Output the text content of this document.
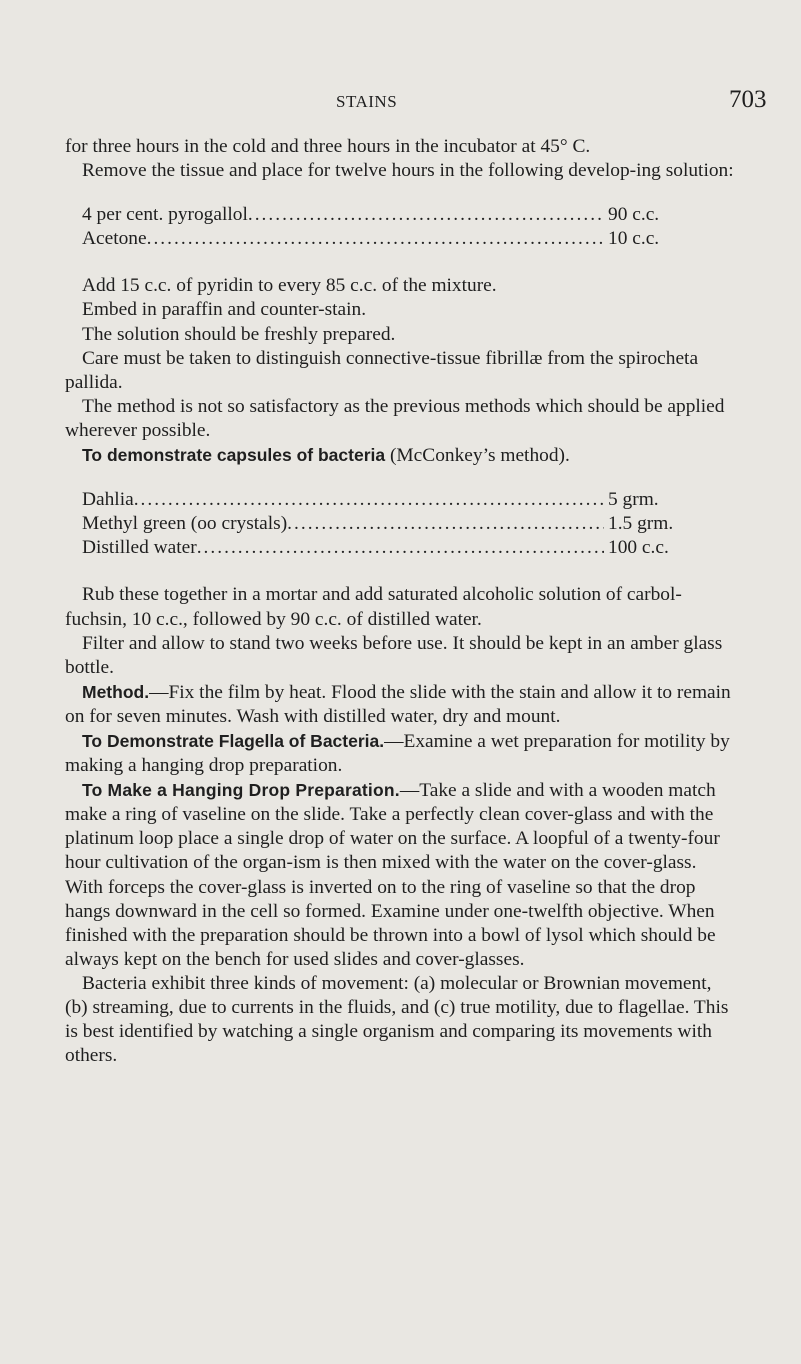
STAINS	703

for three hours in the cold and three hours in the incubator at 45° C.

Remove the tissue and place for twelve hours in the following develop-ing solution:

4 per cent. pyrogallol .....	90 c.c.
Acetone .....	10 c.c.

Add 15 c.c. of pyridin to every 85 c.c. of the mixture.

Embed in paraffin and counter-stain.

The solution should be freshly prepared.

Care must be taken to distinguish connective-tissue fibrillæ from the spirocheta pallida.

The method is not so satisfactory as the previous methods which should be applied wherever possible.

To demonstrate capsules of bacteria (McConkey’s method).

Dahlia .....	5 grm.
Methyl green (oo crystals) .....	1.5 grm.
Distilled water .....	100 c.c.

Rub these together in a mortar and add saturated alcoholic solution of carbol-fuchsin, 10 c.c., followed by 90 c.c. of distilled water.

Filter and allow to stand two weeks before use. It should be kept in an amber glass bottle.

Method.—Fix the film by heat. Flood the slide with the stain and allow it to remain on for seven minutes. Wash with distilled water, dry and mount.

To Demonstrate Flagella of Bacteria.—Examine a wet preparation for motility by making a hanging drop preparation.

To Make a Hanging Drop Preparation.—Take a slide and with a wooden match make a ring of vaseline on the slide. Take a perfectly clean cover-glass and with the platinum loop place a single drop of water on the surface. A loopful of a twenty-four hour cultivation of the organ-ism is then mixed with the water on the cover-glass. With forceps the cover-glass is inverted on to the ring of vaseline so that the drop hangs downward in the cell so formed. Examine under one-twelfth objective. When finished with the preparation should be thrown into a bowl of lysol which should be always kept on the bench for used slides and cover-glasses.

Bacteria exhibit three kinds of movement: (a) molecular or Brownian movement, (b) streaming, due to currents in the fluids, and (c) true motility, due to flagellae. This is best identified by watching a single organism and comparing its movements with others.
